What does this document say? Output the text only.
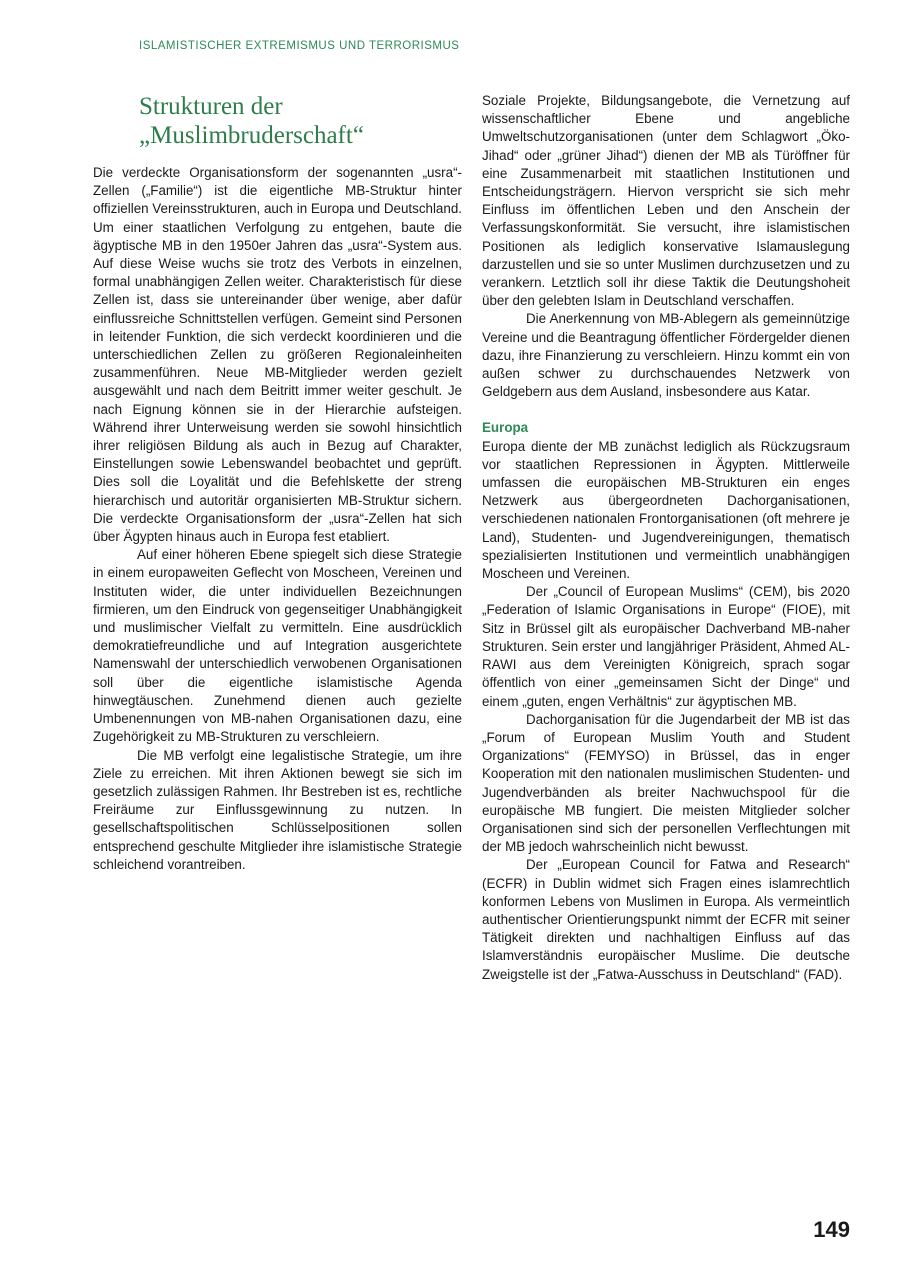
ISLAMISTISCHER EXTREMISMUS UND TERRORISMUS
Strukturen der
„Muslimbruderschaft“

Die verdeckte Organisationsform der sogenannten „usra“-Zellen („Familie“) ist die eigentliche MB-Struktur hinter offiziellen Vereinsstrukturen, auch in Europa und Deutschland. Um einer staatlichen Verfolgung zu entgehen, baute die ägyptische MB in den 1950er Jahren das „usra“-System aus. Auf diese Weise wuchs sie trotz des Verbots in einzelnen, formal unabhängigen Zellen weiter. Charakteristisch für diese Zellen ist, dass sie untereinander über wenige, aber dafür einflussreiche Schnittstellen verfügen. Gemeint sind Personen in leitender Funktion, die sich verdeckt koordinieren und die unterschiedlichen Zellen zu größeren Regionaleinheiten zusammenführen. Neue MB-Mitglieder werden gezielt ausgewählt und nach dem Beitritt immer weiter geschult. Je nach Eignung können sie in der Hierarchie aufsteigen. Während ihrer Unterweisung werden sie sowohl hinsichtlich ihrer religiösen Bildung als auch in Bezug auf Charakter, Einstellungen sowie Lebenswandel beobachtet und geprüft. Dies soll die Loyalität und die Befehlskette der streng hierarchisch und autoritär organisierten MB-Struktur sichern. Die verdeckte Organisationsform der „usra“-Zellen hat sich über Ägypten hinaus auch in Europa fest etabliert.

Auf einer höheren Ebene spiegelt sich diese Strategie in einem europaweiten Geflecht von Moscheen, Vereinen und Instituten wider, die unter individuellen Bezeichnungen firmieren, um den Eindruck von gegenseitiger Unabhängigkeit und muslimischer Vielfalt zu vermitteln. Eine ausdrücklich demokratiefreundliche und auf Integration ausgerichtete Namenswahl der unterschiedlich verwobenen Organisationen soll über die eigentliche islamistische Agenda hinwegtäuschen. Zunehmend dienen auch gezielte Umbenennungen von MB-nahen Organisationen dazu, eine Zugehörigkeit zu MB-Strukturen zu verschleiern.

Die MB verfolgt eine legalistische Strategie, um ihre Ziele zu erreichen. Mit ihren Aktionen bewegt sie sich im gesetzlich zulässigen Rahmen. Ihr Bestreben ist es, rechtliche Freiräume zur Einflussgewinnung zu nutzen. In gesellschaftspolitischen Schlüsselpositionen sollen entsprechend geschulte Mitglieder ihre islamistische Strategie schleichend vorantreiben.

Soziale Projekte, Bildungsangebote, die Vernetzung auf wissenschaftlicher Ebene und angebliche Umweltschutzorganisationen (unter dem Schlagwort „Öko-Jihad“ oder „grüner Jihad“) dienen der MB als Türöffner für eine Zusammenarbeit mit staatlichen Institutionen und Entscheidungsträgern. Hiervon verspricht sie sich mehr Einfluss im öffentlichen Leben und den Anschein der Verfassungskonformität. Sie versucht, ihre islamistischen Positionen als lediglich konservative Islamauslegung darzustellen und sie so unter Muslimen durchzusetzen und zu verankern. Letztlich soll ihr diese Taktik die Deutungshoheit über den gelebten Islam in Deutschland verschaffen.

Die Anerkennung von MB-Ablegern als gemeinnützige Vereine und die Beantragung öffentlicher Fördergelder dienen dazu, ihre Finanzierung zu verschleiern. Hinzu kommt ein von außen schwer zu durchschauendes Netzwerk von Geldgebern aus dem Ausland, insbesondere aus Katar.

Europa

Europa diente der MB zunächst lediglich als Rückzugsraum vor staatlichen Repressionen in Ägypten. Mittlerweile umfassen die europäischen MB-Strukturen ein enges Netzwerk aus übergeordneten Dachorganisationen, verschiedenen nationalen Frontorganisationen (oft mehrere je Land), Studenten- und Jugendvereinigungen, thematisch spezialisierten Institutionen und vermeintlich unabhängigen Moscheen und Vereinen.

Der „Council of European Muslims“ (CEM), bis 2020 „Federation of Islamic Organisations in Europe“ (FIOE), mit Sitz in Brüssel gilt als europäischer Dachverband MB-naher Strukturen. Sein erster und langjähriger Präsident, Ahmed AL-RAWI aus dem Vereinigten Königreich, sprach sogar öffentlich von einer „gemeinsamen Sicht der Dinge“ und einem „guten, engen Verhältnis“ zur ägyptischen MB.

Dachorganisation für die Jugendarbeit der MB ist das „Forum of European Muslim Youth and Student Organizations“ (FEMYSO) in Brüssel, das in enger Kooperation mit den nationalen muslimischen Studenten- und Jugendverbänden als breiter Nachwuchspool für die europäische MB fungiert. Die meisten Mitglieder solcher Organisationen sind sich der personellen Verflechtungen mit der MB jedoch wahrscheinlich nicht bewusst.

Der „European Council for Fatwa and Research“ (ECFR) in Dublin widmet sich Fragen eines islamrechtlich konformen Lebens von Muslimen in Europa. Als vermeintlich authentischer Orientierungspunkt nimmt der ECFR mit seiner Tätigkeit direkten und nachhaltigen Einfluss auf das Islamverständnis europäischer Muslime. Die deutsche Zweigstelle ist der „Fatwa-Ausschuss in Deutschland“ (FAD).

149
